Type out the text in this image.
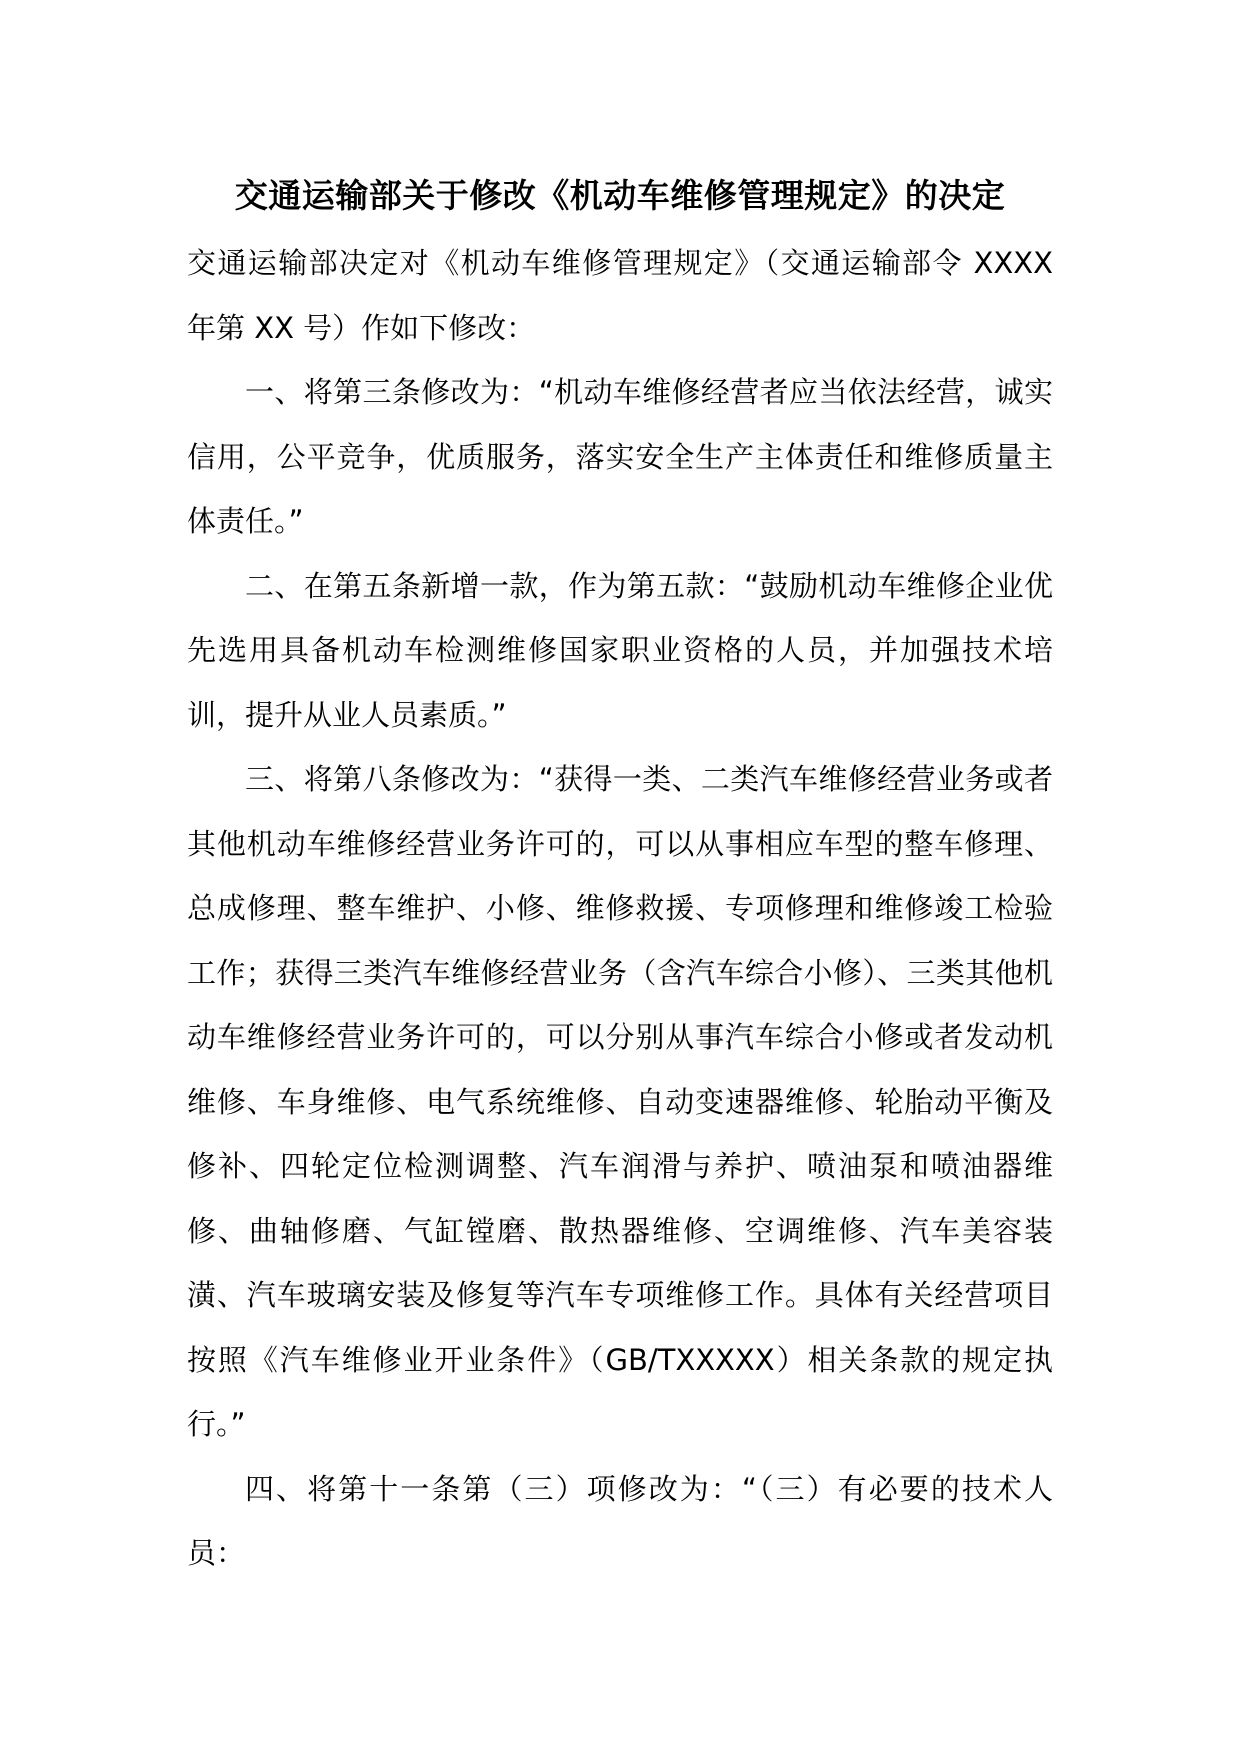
交通运输部关于修改《机动车维修管理规定》的决定

交通运输部决定对《机动车维修管理规定》（交通运输部令 XXXX 年第 XX 号）作如下修改：

一、将第三条修改为：“机动车维修经营者应当依法经营，诚实信用，公平竞争，优质服务，落实安全生产主体责任和维修质量主体责任。”

二、在第五条新增一款，作为第五款：“鼓励机动车维修企业优先选用具备机动车检测维修国家职业资格的人员，并加强技术培训，提升从业人员素质。”

三、将第八条修改为：“获得一类、二类汽车维修经营业务或者其他机动车维修经营业务许可的，可以从事相应车型的整车修理、总成修理、整车维护、小修、维修救援、专项修理和维修竣工检验工作；获得三类汽车维修经营业务（含汽车综合小修）、三类其他机动车维修经营业务许可的，可以分别从事汽车综合小修或者发动机维修、车身维修、电气系统维修、自动变速器维修、轮胎动平衡及修补、四轮定位检测调整、汽车润滑与养护、喷油泵和喷油器维修、曲轴修磨、气缸镗磨、散热器维修、空调维修、汽车美容装潢、汽车玻璃安装及修复等汽车专项维修工作。具体有关经营项目按照《汽车维修业开业条件》（GB/TXXXXX）相关条款的规定执行。”

四、将第十一条第（三）项修改为：“（三）有必要的技术人员：
